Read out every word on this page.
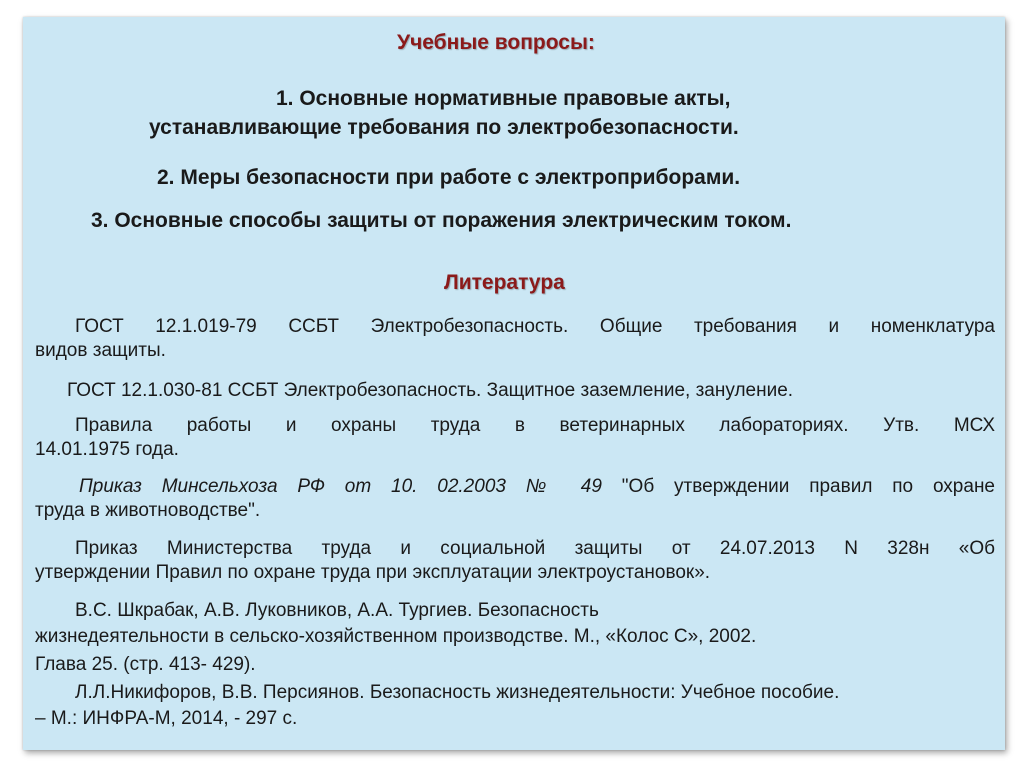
Учебные вопросы:
1. Основные нормативные правовые акты,
устанавливающие требования по электробезопасности.
2. Меры безопасности при работе с электроприборами.
3. Основные способы защиты от поражения электрическим током.
Литература
ГОСТ 12.1.019-79 ССБТ Электробезопасность. Общие требования и номенклатура
видов защиты.
ГОСТ 12.1.030-81 ССБТ Электробезопасность. Защитное заземление, зануление.
Правила работы и охраны труда в ветеринарных лабораториях. Утв. МСХ
14.01.1975 года.
Приказ Минсельхоза РФ от 10. 02.2003 № 49 "Об утверждении правил по охране
труда в животноводстве".
Приказ Министерства труда и социальной защиты от 24.07.2013 N 328н «Об
утверждении Правил по охране труда при эксплуатации электроустановок».
В.С. Шкрабак, А.В. Луковников, А.А. Тургиев. Безопасность
жизнедеятельности в сельско-хозяйственном производстве. М., «Колос С», 2002.
Глава 25. (стр. 413- 429).
Л.Л.Никифоров, В.В. Персиянов. Безопасность жизнедеятельности: Учебное пособие.
– М.: ИНФРА-М, 2014, - 297 с.
